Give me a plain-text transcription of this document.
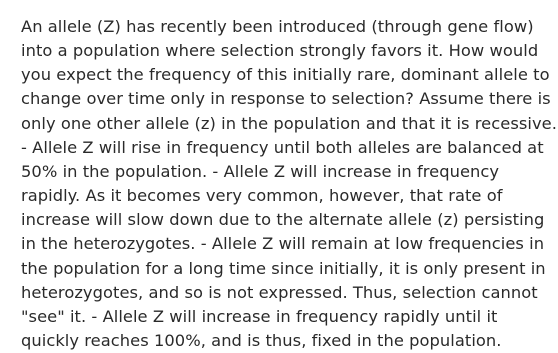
An allele (Z) has recently been introduced (through gene flow)
into a population where selection strongly favors it. How would
you expect the frequency of this initially rare, dominant allele to
change over time only in response to selection? Assume there is
only one other allele (z) in the population and that it is recessive.
- Allele Z will rise in frequency until both alleles are balanced at
50% in the population. - Allele Z will increase in frequency
rapidly. As it becomes very common, however, that rate of
increase will slow down due to the alternate allele (z) persisting
in the heterozygotes. - Allele Z will remain at low frequencies in
the population for a long time since initially, it is only present in
heterozygotes, and so is not expressed. Thus, selection cannot
"see" it. - Allele Z will increase in frequency rapidly until it
quickly reaches 100%, and is thus, fixed in the population.
